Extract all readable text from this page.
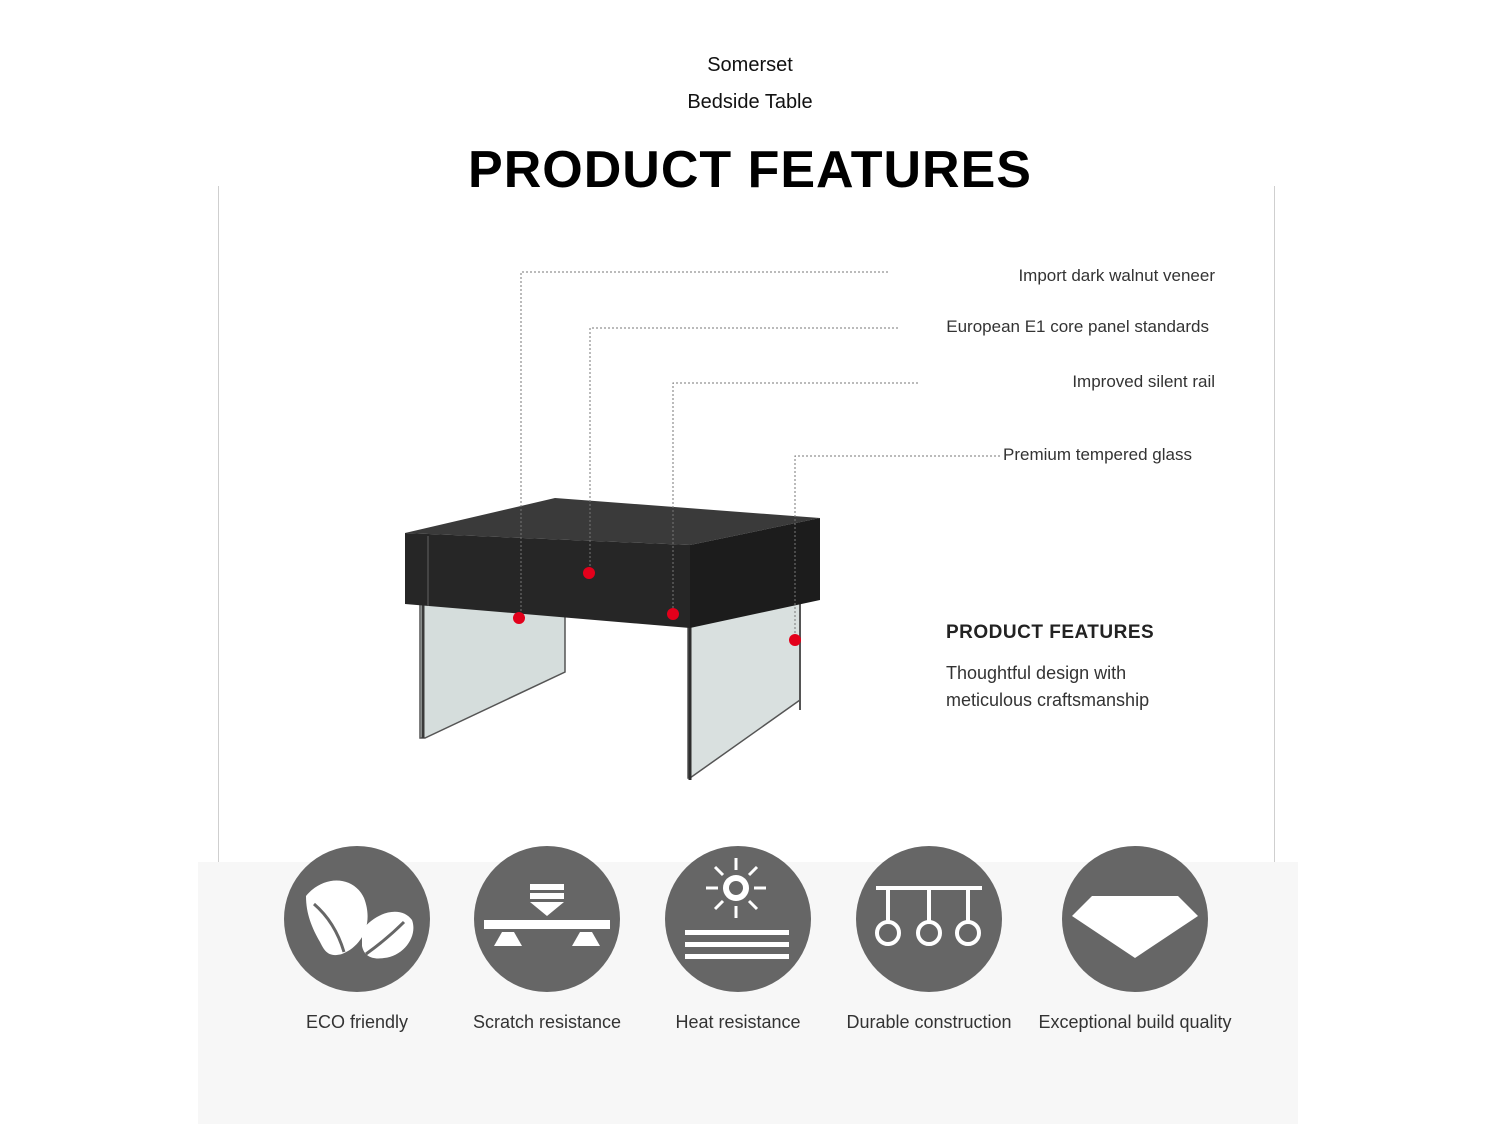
Somerset
Bedside Table
PRODUCT FEATURES
Import dark walnut veneer
European E1 core panel standards
Improved silent rail
Premium tempered glass
PRODUCT FEATURES
Thoughtful design with
meticulous craftsmanship
ECO friendly	Scratch resistance	Heat resistance	Durable construction	Exceptional build quality
